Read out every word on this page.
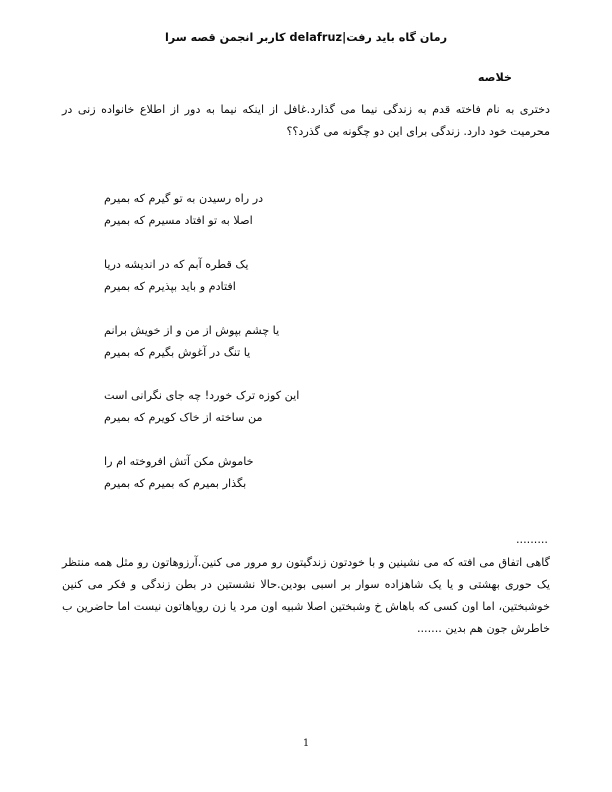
رمان گاه باید رفت|delafruz کاربر انجمن قصه سرا
خلاصه

دختری به نام فاخته قدم به زندگی نیما می گذارد.غافل از اینکه نیما به دور از اطلاع خانواده زنی در محرمیت خود دارد. زندگی برای این دو چگونه می گذرد؟؟

در راه رسیدن به تو گیرم که بمیرم
اصلا به تو افتاد مسیرم که بمیرم
یک قطره آبم که در اندیشه دریا
افتادم و باید بپذیرم که بمیرم
یا چشم بپوش از من و از خویش برانم
یا تنگ در آغوش بگیرم که بمیرم
این کوزه ترک خورد! چه جای نگرانی است
من ساخته از خاک کویرم که بمیرم
خاموش مکن آتش افروخته ام را
بگذار بمیرم که بمیرم که بمیرم
.........

گاهی اتفاق می افته که می نشینین و با خودتون زندگیتون رو مرور می کنین.آرزوهاتون رو مثل همه منتظر یک حوری بهشتی و یا یک شاهزاده سوار بر اسبی بودین.حالا نشستین در بطن زندگی و فکر می کنین خوشبختین، اما اون کسی که باهاش خ وشبختین اصلا شبیه اون مرد یا زن رویاهاتون نیست اما حاضرین ب خاطرش جون هم بدین .......

1
